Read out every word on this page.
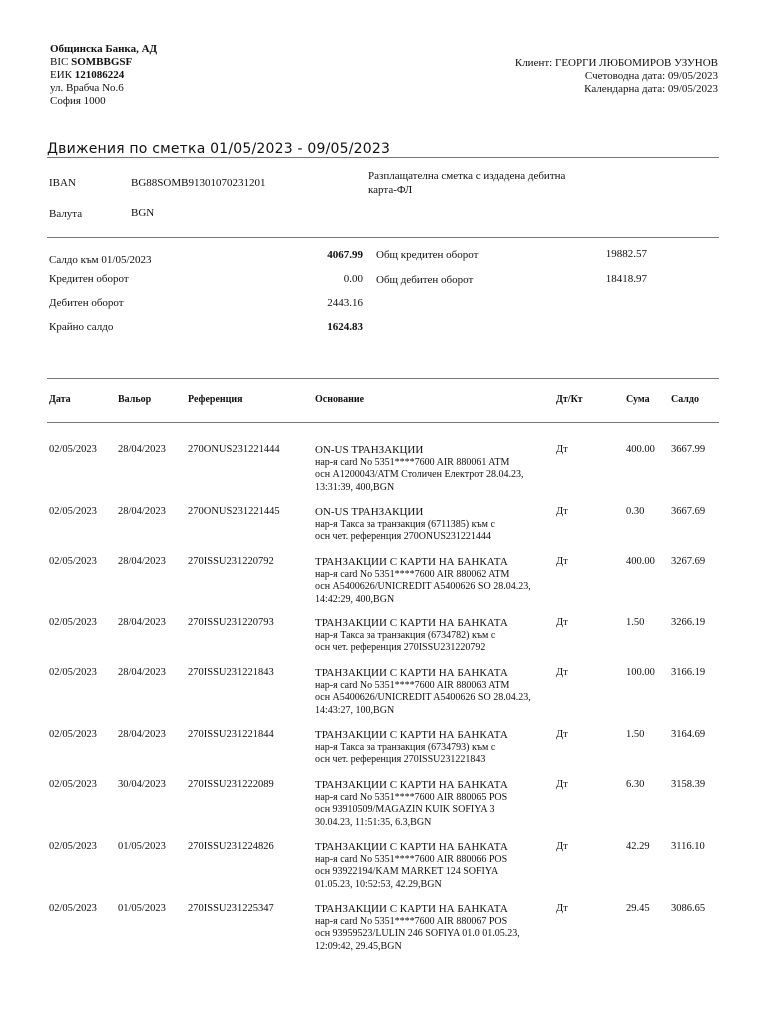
Общинска Банка, АД
BIC SOMBBGSF
ЕИК 121086224
ул. Врабча No.6
София 1000
Клиент: ГЕОРГИ ЛЮБОМИРОВ УЗУНОВ
Счетоводна дата: 09/05/2023
Календарна дата: 09/05/2023
Движения по сметка 01/05/2023 - 09/05/2023
IBAN	BG88SOMB91301070231201
Разплащателна сметка с издадена дебитна
карта-ФЛ
Валута	BGN
Салдо към 01/05/2023	4067.99
Кредитен оборот	0.00
Дебитен оборот	2443.16
Крайно салдо	1624.83
Общ кредитен оборот	19882.57
Общ дебитен оборот	18418.97
Дата	Вальор	Референция	Основание	Дт/Кт	Сума Салдо
02/05/2023 28/04/2023 270ONUS231221444	ON-US ТРАНЗАКЦИИ
нар-я card No 5351****7600 AIR 880061 ATM
осн A1200043/ATM Столичен Електрот 28.04.23,
13:31:39, 400,BGN
Дт	400.00 3667.99
02/05/2023 28/04/2023 270ONUS231221445	ON-US ТРАНЗАКЦИИ
нар-я Такса за транзакция (6711385) към с
осн чет. референция 270ONUS231221444
Дт	0.30	3667.69
02/05/2023 28/04/2023 270ISSU231220792	ТРАНЗАКЦИИ С КАРТИ НА БАНКАТА
нар-я card No 5351****7600 AIR 880062 ATM
осн A5400626/UNICREDIT A5400626 SO 28.04.23,
14:42:29, 400,BGN
Дт	400.00 3267.69
02/05/2023 28/04/2023 270ISSU231220793	ТРАНЗАКЦИИ С КАРТИ НА БАНКАТА
нар-я Такса за транзакция (6734782) към с
осн чет. референция 270ISSU231220792
Дт	1.50	3266.19
02/05/2023 28/04/2023 270ISSU231221843	ТРАНЗАКЦИИ С КАРТИ НА БАНКАТА
нар-я card No 5351****7600 AIR 880063 ATM
осн A5400626/UNICREDIT A5400626 SO 28.04.23,
14:43:27, 100,BGN
Дт	100.00 3166.19
02/05/2023 28/04/2023 270ISSU231221844	ТРАНЗАКЦИИ С КАРТИ НА БАНКАТА
нар-я Такса за транзакция (6734793) към с
осн чет. референция 270ISSU231221843
Дт	1.50	3164.69
02/05/2023 30/04/2023 270ISSU231222089	ТРАНЗАКЦИИ С КАРТИ НА БАНКАТА
нар-я card No 5351****7600 AIR 880065 POS
осн 93910509/MAGAZIN KUIK SOFIYA 3
30.04.23, 11:51:35, 6.3,BGN
Дт	6.30	3158.39
02/05/2023 01/05/2023 270ISSU231224826	ТРАНЗАКЦИИ С КАРТИ НА БАНКАТА
нар-я card No 5351****7600 AIR 880066 POS
осн 93922194/KAM MARKET 124 SOFIYA
01.05.23, 10:52:53, 42.29,BGN
Дт	42.29 3116.10
02/05/2023 01/05/2023 270ISSU231225347	ТРАНЗАКЦИИ С КАРТИ НА БАНКАТА
нар-я card No 5351****7600 AIR 880067 POS
осн 93959523/LULIN 246 SOFIYA 01.0 01.05.23,
12:09:42, 29.45,BGN
Дт	29.45 3086.65
